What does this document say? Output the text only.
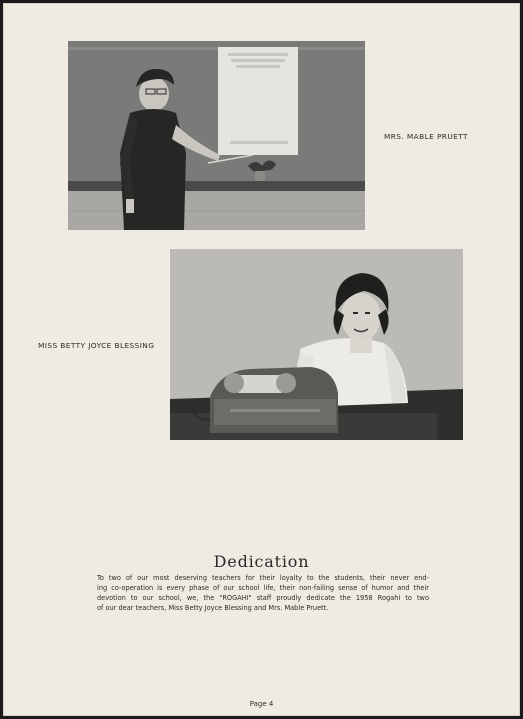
MRS. MABLE PRUETT
MISS BETTY JOYCE BLESSING
Dedication
To two of our most deserving teachers for their loyalty to the students, their never end-
ing co-operation is every phase of our school life, their non-failing sense of humor and their
devotion to our school, we, the "ROGAHI" staff proudly dedicate the 1958 Rogahi to two
of our dear teachers, Miss Betty Joyce Blessing and Mrs. Mable Pruett.
Page 4
